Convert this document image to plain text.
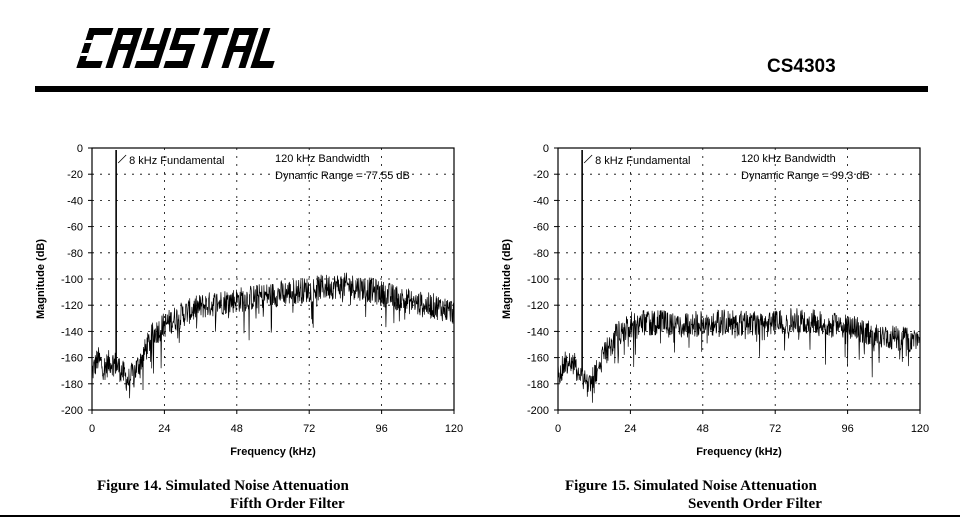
CS4303
0	24	48	72	96	120
0
-20
-40
-60
-80
-100
-120
-140
-160
-180
-200
Frequency (kHz)
Magnitude (dB)
8 kHz Fundamental	120 kHz Bandwidth
Dynamic Range = 77.55 dB
0	24	48	72	96	120
0
-20
-40
-60
-80
-100
-120
-140
-160
-180
-200
Frequency (kHz)
Magnitude (dB)
8 kHz Fundamental	120 kHz Bandwidth
Dynamic Range = 99.3 dB
Figure 14. Simulated Noise Attenuation
Fifth Order Filter
Figure 15. Simulated Noise Attenuation
Seventh Order Filter
